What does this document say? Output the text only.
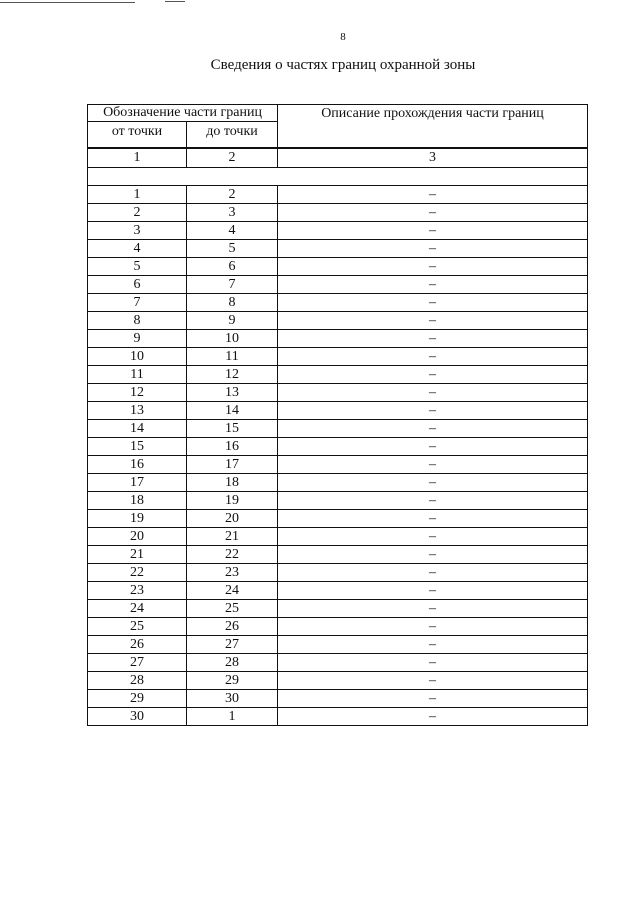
8
Сведения о частях границ охранной зоны
Обозначение части границ		Описание прохождения части границ
от точки	до точки	
1	2	3

1	2	–
2	3	–
3	4	–
4	5	–
5	6	–
6	7	–
7	8	–
8	9	–
9	10	–
10	11	–
11	12	–
12	13	–
13	14	–
14	15	–
15	16	–
16	17	–
17	18	–
18	19	–
19	20	–
20	21	–
21	22	–
22	23	–
23	24	–
24	25	–
25	26	–
26	27	–
27	28	–
28	29	–
29	30	–
30	1	–
